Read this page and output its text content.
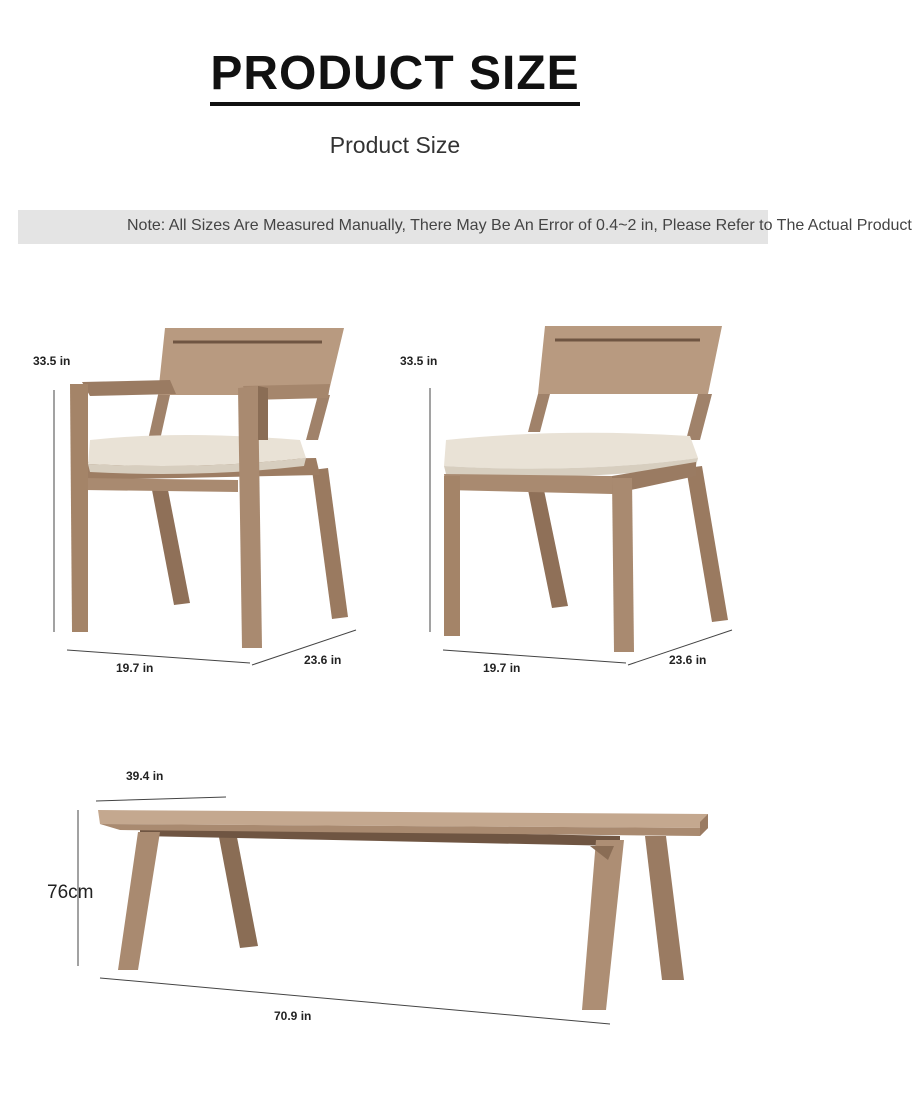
PRODUCT SIZE
Product Size
Note: All Sizes Are Measured Manually, There May Be An Error of 0.4~2 in, Please Refer to The Actual Product
33.5 in
19.7 in
23.6 in
33.5 in
19.7 in
23.6 in
39.4 in
76cm
70.9 in
